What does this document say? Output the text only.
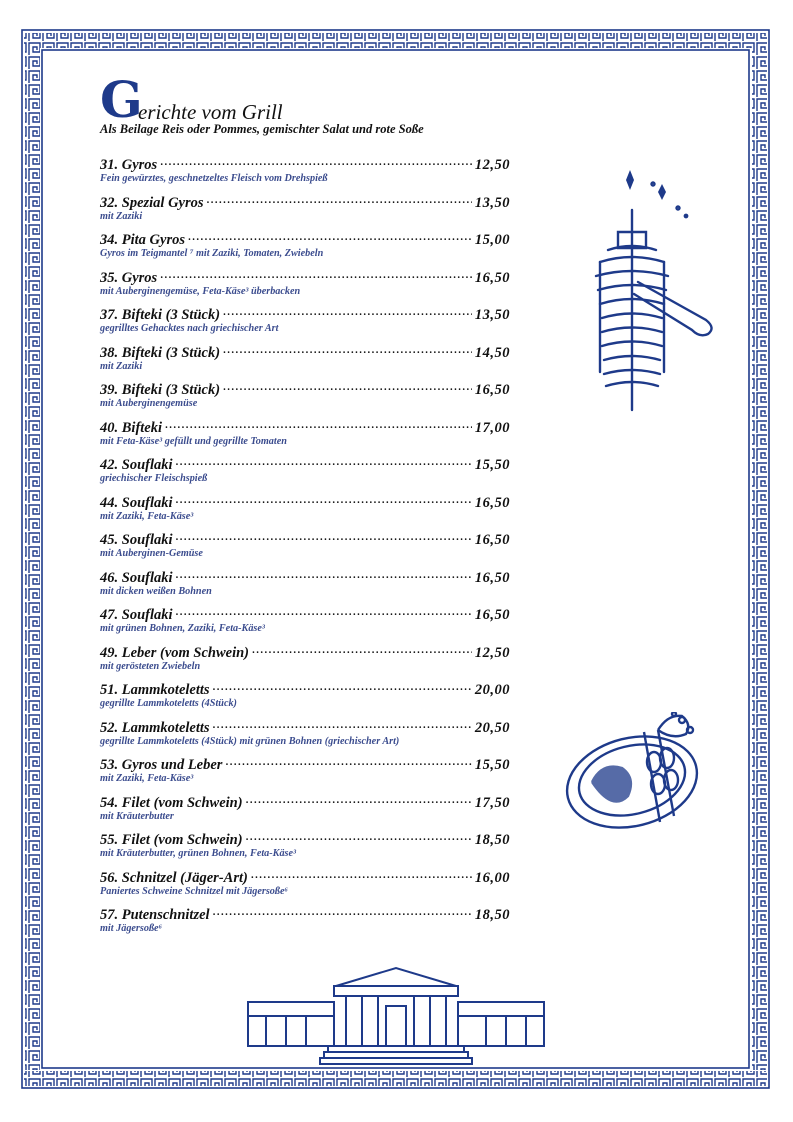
G
erichte vom Grill
Als Beilage Reis oder Pommes, gemischter Salat und rote Soße
31. Gyros .....	12,50
Fein gewürztes, geschnetzeltes Fleisch vom Drehspieß
32. Spezial Gyros .....	13,50
mit Zaziki
34. Pita Gyros .....	15,00
Gyros im Teigmantel ⁷ mit Zaziki, Tomaten, Zwiebeln
35. Gyros .....	16,50
mit Auberginengemüse, Feta-Käse³ überbacken
37. Bifteki (3 Stück) .....	13,50
gegrilltes Gehacktes nach griechischer Art
38. Bifteki (3 Stück) .....	14,50
mit Zaziki
39. Bifteki (3 Stück) .....	16,50
mit Auberginengemüse
40. Bifteki .....	17,00
mit Feta-Käse³ gefüllt und gegrillte Tomaten
42. Souflaki .....	15,50
griechischer Fleischspieß
44. Souflaki .....	16,50
mit Zaziki, Feta-Käse³
45. Souflaki .....	16,50
mit Auberginen-Gemüse
46. Souflaki .....	16,50
mit dicken weißen Bohnen
47. Souflaki .....	16,50
mit grünen Bohnen, Zaziki, Feta-Käse³
49. Leber (vom Schwein) .....	12,50
mit gerösteten Zwiebeln
51. Lammkoteletts .....	20,00
gegrillte Lammkoteletts (4Stück)
52. Lammkoteletts .....	20,50
gegrillte Lammkoteletts (4Stück) mit grünen Bohnen (griechischer Art)
53. Gyros und Leber .....	15,50
mit Zaziki, Feta-Käse³
54. Filet (vom Schwein) .....	17,50
mit Kräuterbutter
55. Filet (vom Schwein) .....	18,50
mit Kräuterbutter, grünen Bohnen, Feta-Käse³
56. Schnitzel (Jäger-Art) .....	16,00
Paniertes Schweine Schnitzel mit Jägersoße⁶
57. Putenschnitzel .....	18,50
mit Jägersoße⁶
